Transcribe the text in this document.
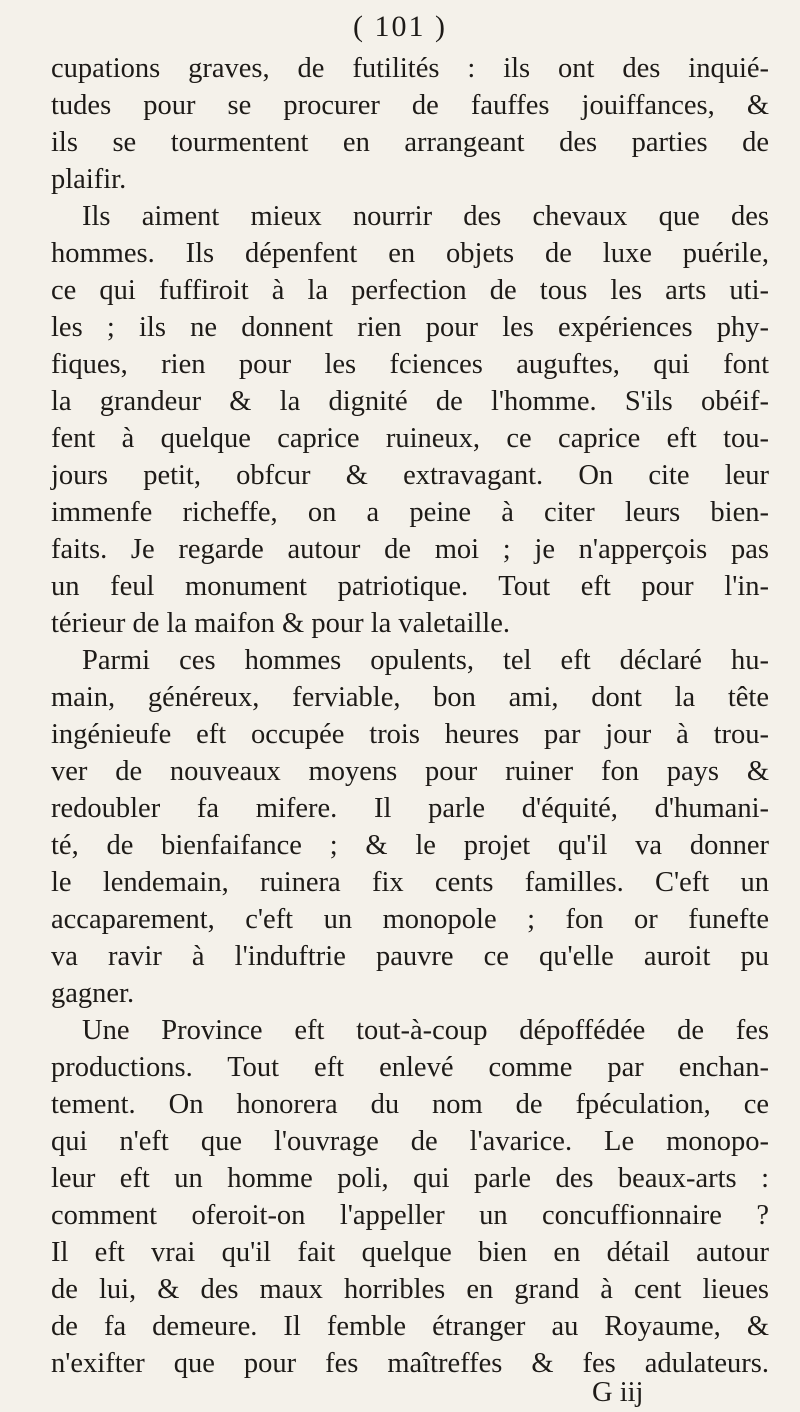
( 101 )
cupations graves, de futilités : ils ont des inquié-
tudes pour se procurer de fauffes jouiffances, &
ils se tourmentent en arrangeant des parties de
plaifir.
Ils aiment mieux nourrir des chevaux que des
hommes. Ils dépenfent en objets de luxe puérile,
ce qui fuffiroit à la perfection de tous les arts uti-
les ; ils ne donnent rien pour les expériences phy-
fiques, rien pour les fciences auguftes, qui font
la grandeur & la dignité de l'homme. S'ils obéif-
fent à quelque caprice ruineux, ce caprice eft tou-
jours petit, obfcur & extravagant. On cite leur
immenfe richeffe, on a peine à citer leurs bien-
faits. Je regarde autour de moi ; je n'apperçois pas
un feul monument patriotique. Tout eft pour l'in-
térieur de la maifon & pour la valetaille.
Parmi ces hommes opulents, tel eft déclaré hu-
main, généreux, ferviable, bon ami, dont la tête
ingénieufe eft occupée trois heures par jour à trou-
ver de nouveaux moyens pour ruiner fon pays &
redoubler fa mifere. Il parle d'équité, d'humani-
té, de bienfaifance ; & le projet qu'il va donner
le lendemain, ruinera fix cents familles. C'eft un
accaparement, c'eft un monopole ; fon or funefte
va ravir à l'induftrie pauvre ce qu'elle auroit pu
gagner.
Une Province eft tout-à-coup dépoffédée de fes
productions. Tout eft enlevé comme par enchan-
tement. On honorera du nom de fpéculation, ce
qui n'eft que l'ouvrage de l'avarice. Le monopo-
leur eft un homme poli, qui parle des beaux-arts :
comment oferoit-on l'appeller un concuffionnaire ?
Il eft vrai qu'il fait quelque bien en détail autour
de lui, & des maux horribles en grand à cent lieues
de fa demeure. Il femble étranger au Royaume, &
n'exifter que pour fes maîtreffes & fes adulateurs.
G iij
